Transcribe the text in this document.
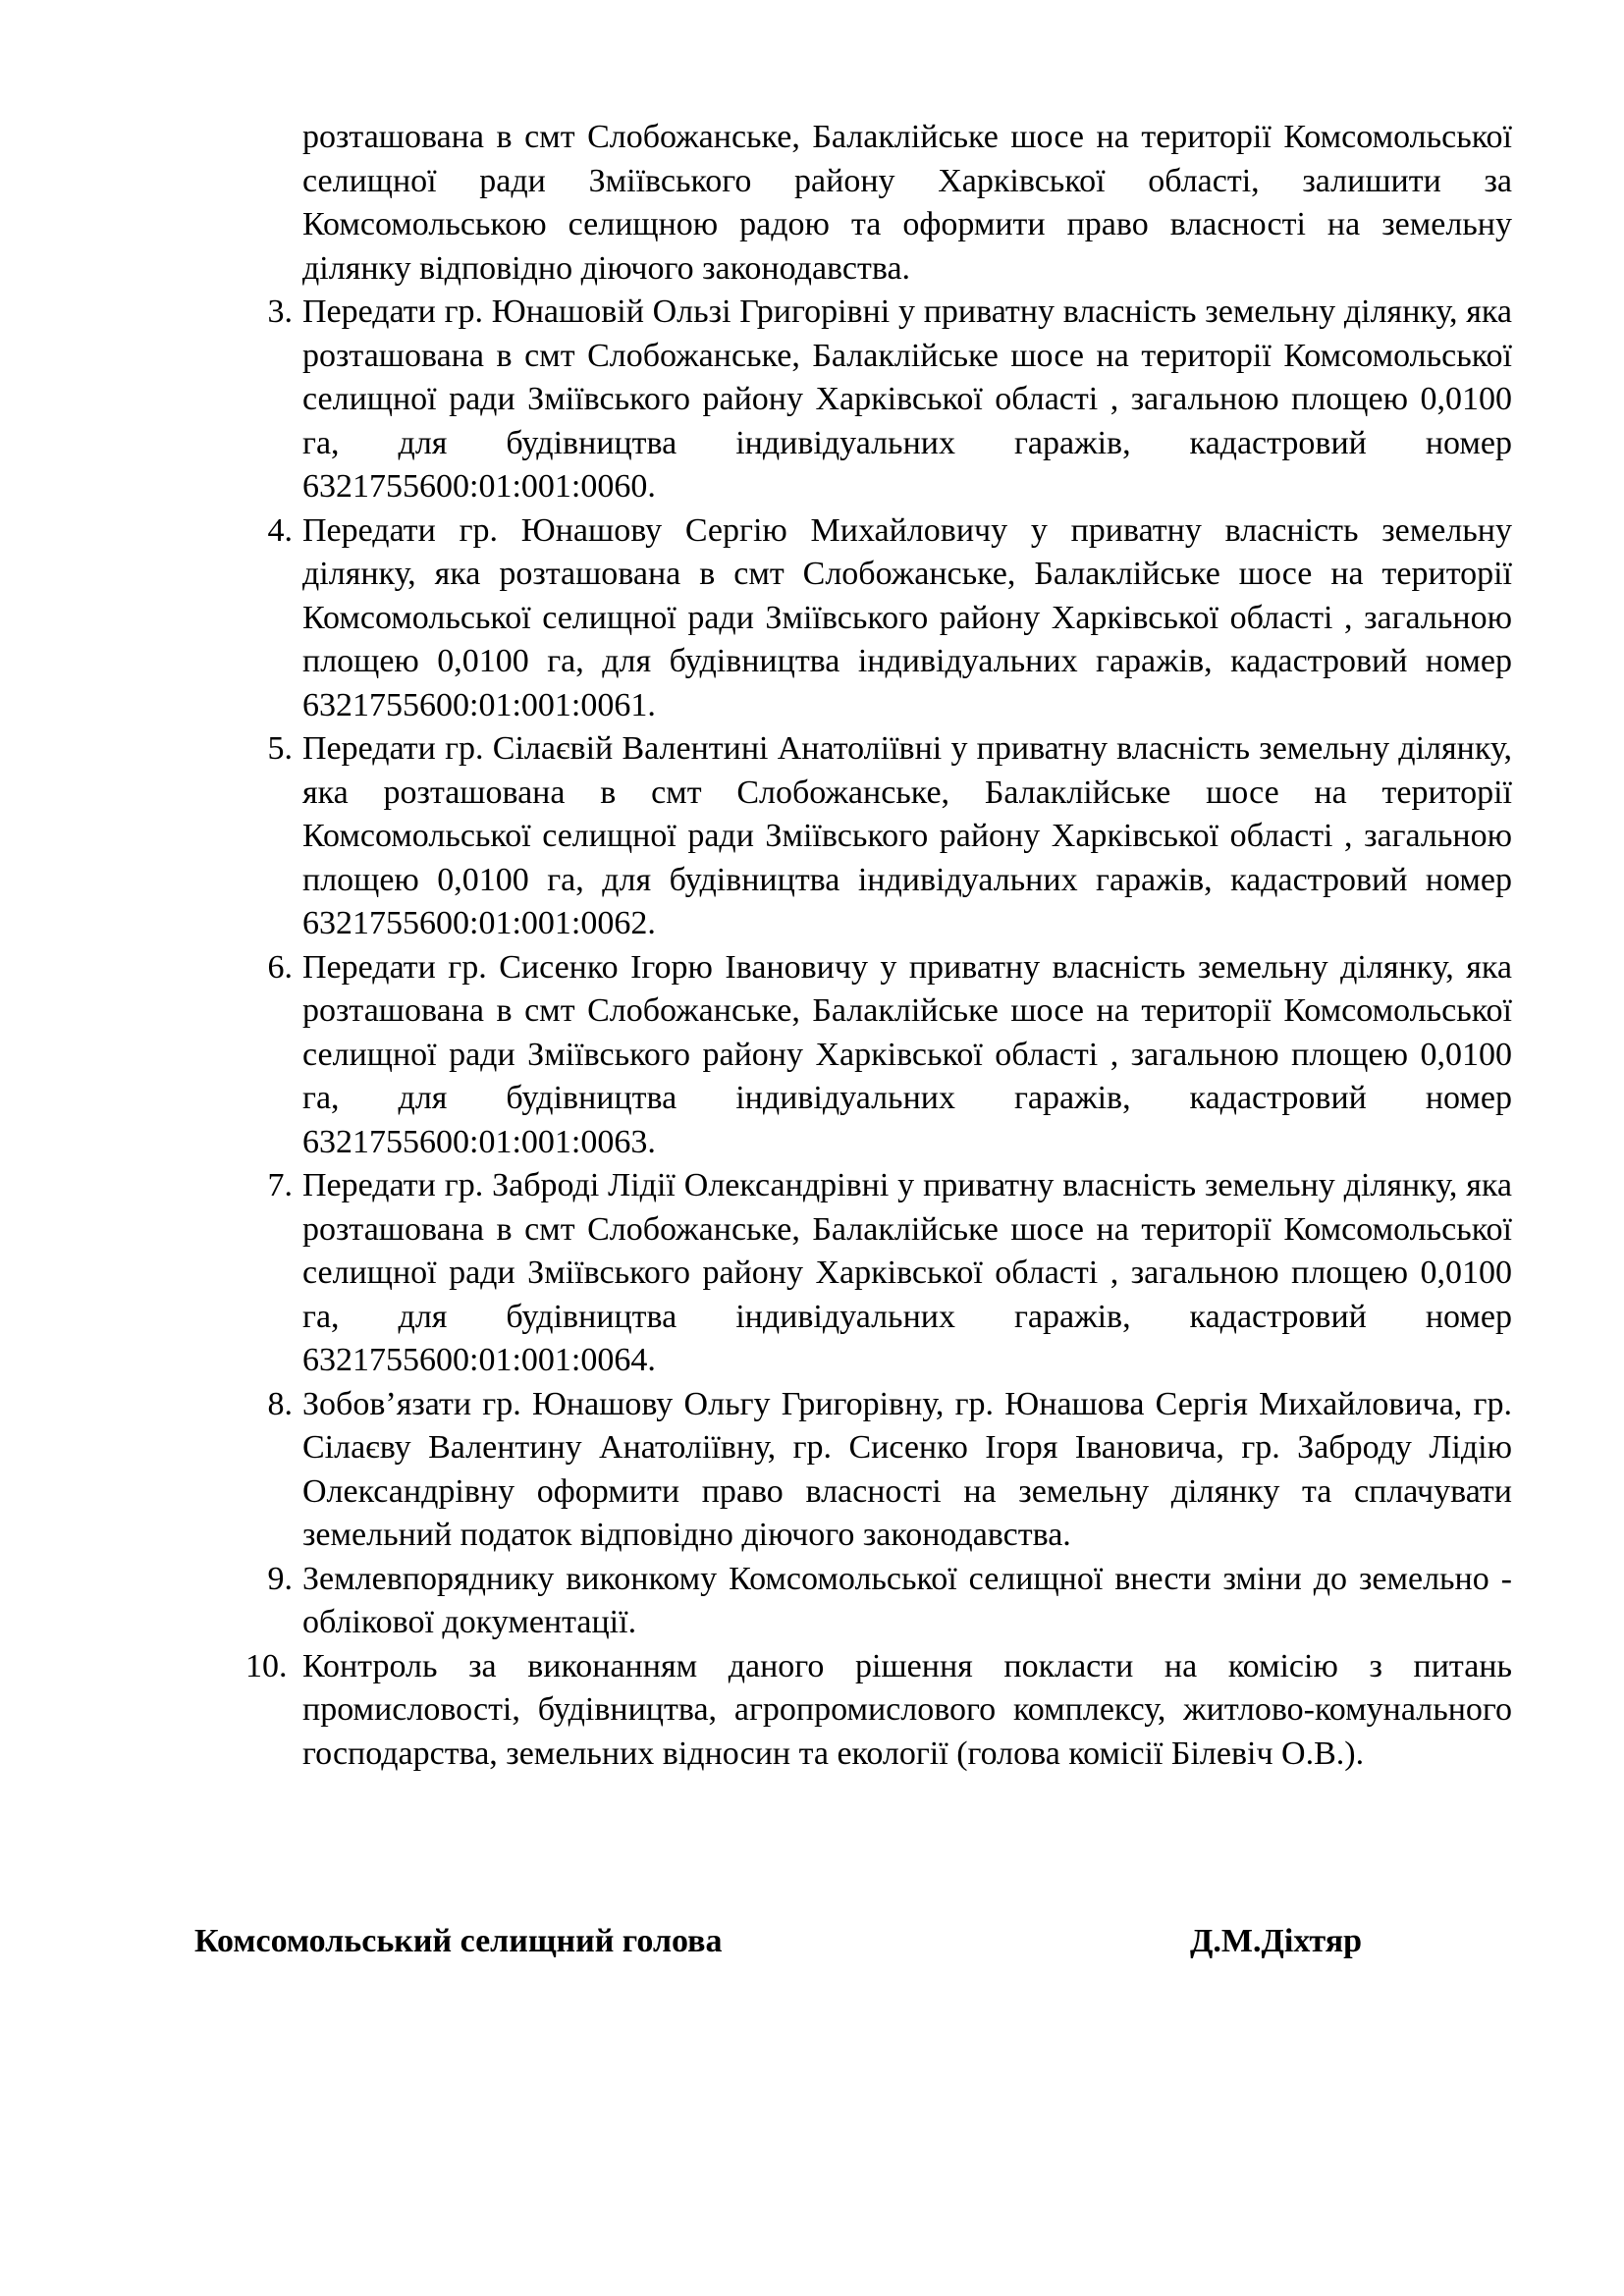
розташована в смт Слобожанське, Балаклійське шосе на території Комсомольської селищної ради Зміївського району Харківської області, залишити за Комсомольською селищною радою та оформити право власності на земельну ділянку відповідно діючого законодавства.

3. Передати гр. Юнашовій Ользі Григорівні у приватну власність земельну ділянку, яка розташована в смт Слобожанське, Балаклійське шосе на території Комсомольської селищної ради Зміївського району Харківської області , загальною площею 0,0100 га, для будівництва індивідуальних гаражів, кадастровий номер 6321755600:01:001:0060.
4. Передати гр. Юнашову Сергію Михайловичу у приватну власність земельну ділянку, яка розташована в смт Слобожанське, Балаклійське шосе на території Комсомольської селищної ради Зміївського району Харківської області , загальною площею 0,0100 га, для будівництва індивідуальних гаражів, кадастровий номер 6321755600:01:001:0061.
5. Передати гр. Сілаєвій Валентині Анатоліївні у приватну власність земельну ділянку, яка розташована в смт Слобожанське, Балаклійське шосе на території Комсомольської селищної ради Зміївського району Харківської області , загальною площею 0,0100 га, для будівництва індивідуальних гаражів, кадастровий номер 6321755600:01:001:0062.
6. Передати гр. Сисенко Ігорю Івановичу у приватну власність земельну ділянку, яка розташована в смт Слобожанське, Балаклійське шосе на території Комсомольської селищної ради Зміївського району Харківської області , загальною площею 0,0100 га, для будівництва індивідуальних гаражів, кадастровий номер 6321755600:01:001:0063.
7. Передати гр. Забродi Лідії Олександрівні у приватну власність земельну ділянку, яка розташована в смт Слобожанське, Балаклійське шосе на території Комсомольської селищної ради Зміївського району Харківської області , загальною площею 0,0100 га, для будівництва індивідуальних гаражів, кадастровий номер 6321755600:01:001:0064.
8. Зобов’язати гр. Юнашову Ольгу Григорівну, гр. Юнашова Сергія Михайловича, гр. Сілаєву Валентину Анатоліївну, гр. Сисенко Ігоря Івановича, гр. Заброду Лідію Олександрівну оформити право власності на земельну ділянку та сплачувати земельний податок відповідно діючого законодавства.
9. Землевпоряднику виконкому Комсомольської селищної внести зміни до земельно - облікової документації.
10. Контроль за виконанням даного рішення покласти на комісію з питань промисловості, будівництва, агропромислового комплексу, житлово-комунального господарства, земельних відносин та екології (голова комісії Білевіч О.В.).
Комсомольський селищний голова	Д.М.Діхтяр
